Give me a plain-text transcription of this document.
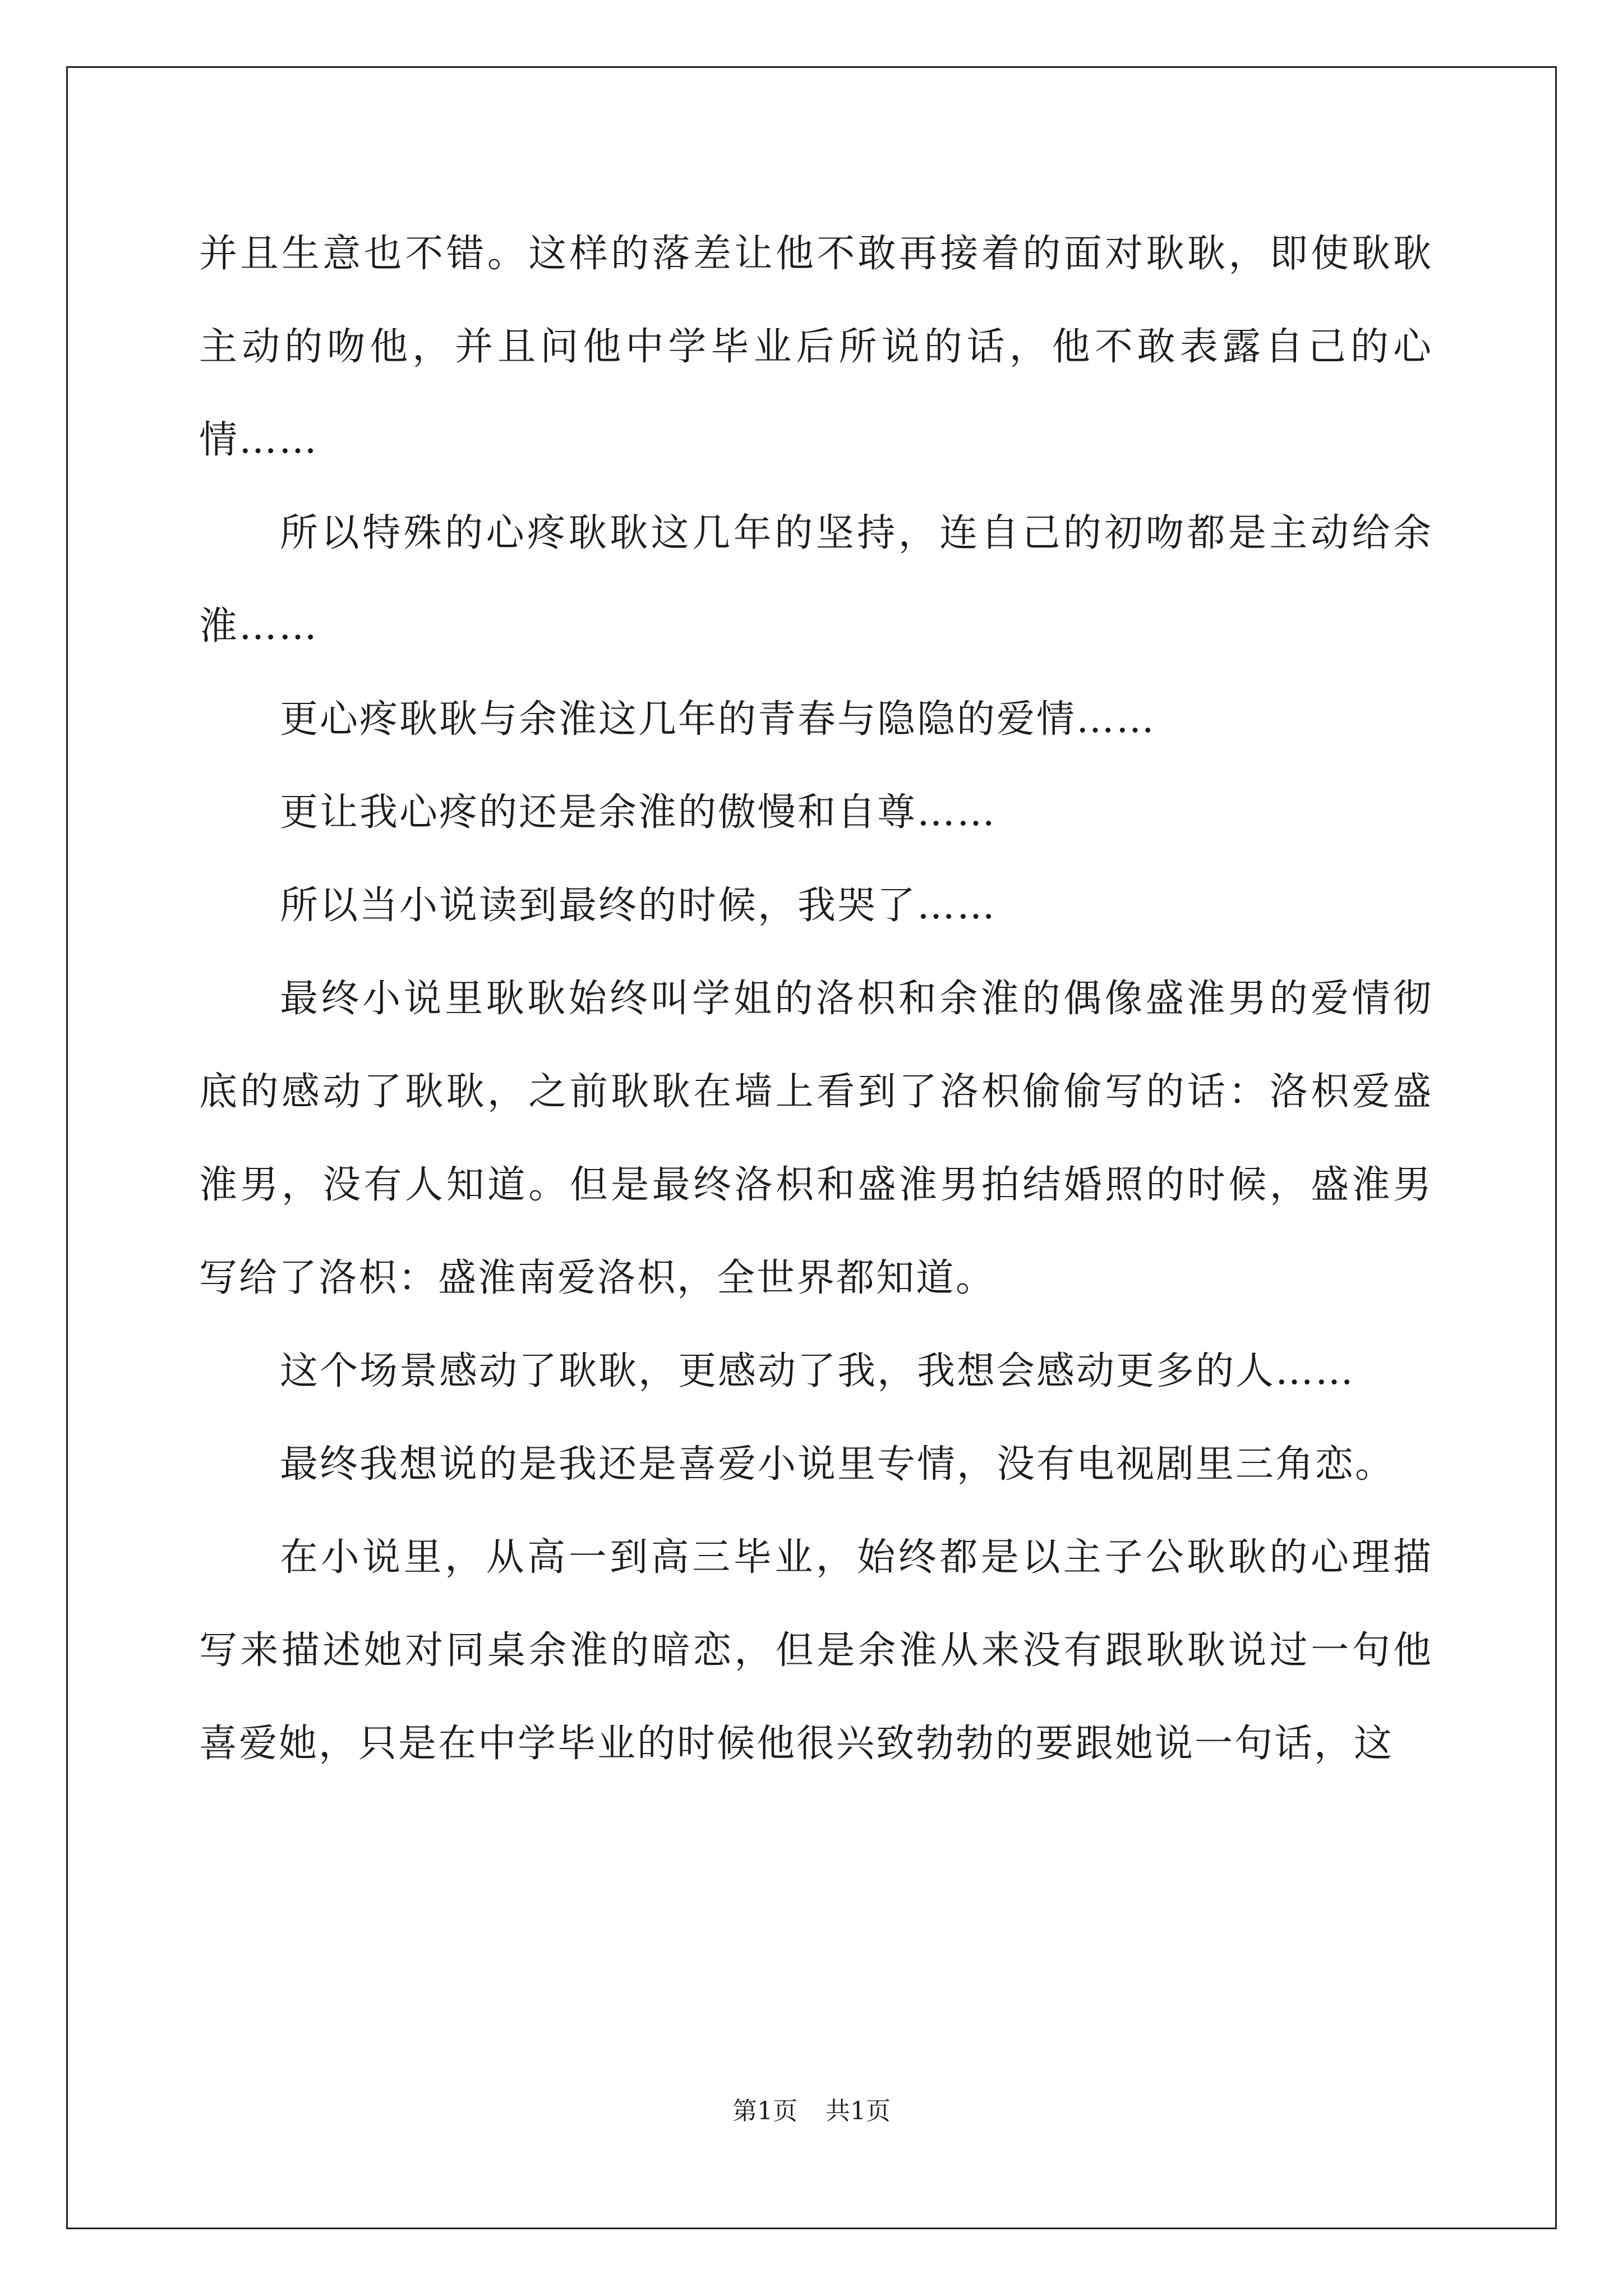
并且生意也不错。这样的落差让他不敢再接着的面对耿耿，即使耿耿主动的吻他，并且问他中学毕业后所说的话，他不敢表露自己的心情……

所以特殊的心疼耿耿这几年的坚持，连自己的初吻都是主动给余淮……

更心疼耿耿与余淮这几年的青春与隐隐的爱情……

更让我心疼的还是余淮的傲慢和自尊……

所以当小说读到最终的时候，我哭了……

最终小说里耿耿始终叫学姐的洛枳和余淮的偶像盛淮男的爱情彻底的感动了耿耿，之前耿耿在墙上看到了洛枳偷偷写的话：洛枳爱盛淮男，没有人知道。但是最终洛枳和盛淮男拍结婚照的时候，盛淮男写给了洛枳：盛淮南爱洛枳，全世界都知道。

这个场景感动了耿耿，更感动了我，我想会感动更多的人……

最终我想说的是我还是喜爱小说里专情，没有电视剧里三角恋。

在小说里，从高一到高三毕业，始终都是以主子公耿耿的心理描写来描述她对同桌余淮的暗恋，但是余淮从来没有跟耿耿说过一句他喜爱她，只是在中学毕业的时候他很兴致勃勃的要跟她说一句话，这

第1页 共1页
